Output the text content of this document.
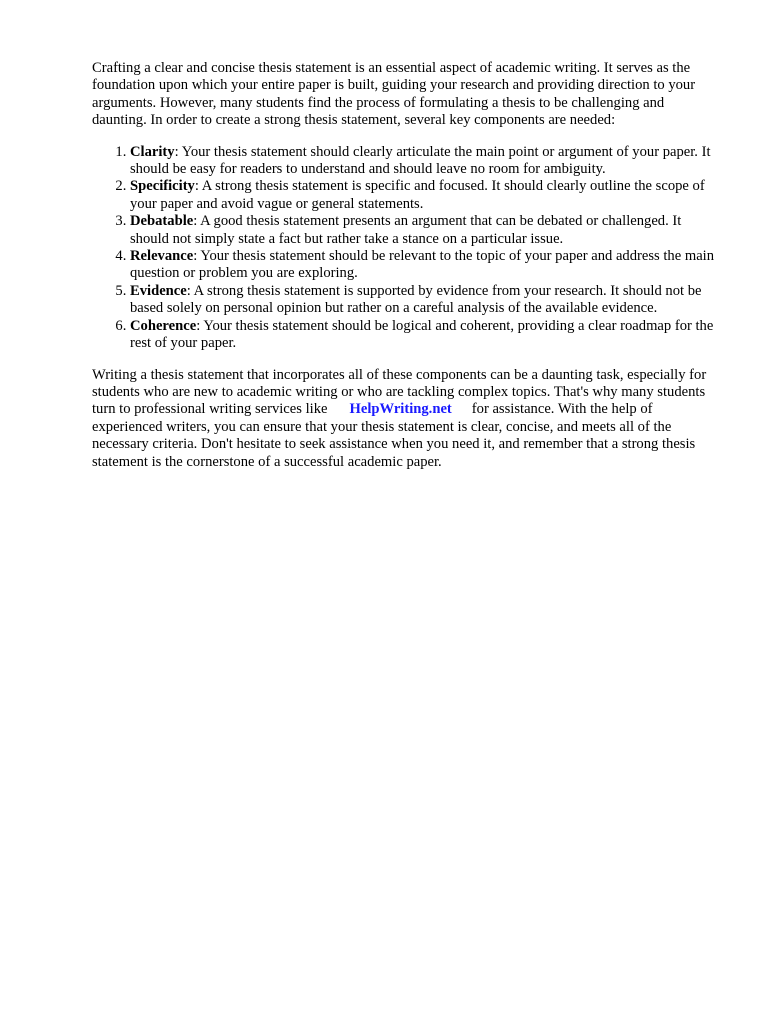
Crafting a clear and concise thesis statement is an essential aspect of academic writing. It serves as the foundation upon which your entire paper is built, guiding your research and providing direction to your arguments. However, many students find the process of formulating a thesis to be challenging and daunting. In order to create a strong thesis statement, several key components are needed:

1. Clarity: Your thesis statement should clearly articulate the main point or argument of your paper. It should be easy for readers to understand and should leave no room for ambiguity.
2. Specificity: A strong thesis statement is specific and focused. It should clearly outline the scope of your paper and avoid vague or general statements.
3. Debatable: A good thesis statement presents an argument that can be debated or challenged. It should not simply state a fact but rather take a stance on a particular issue.
4. Relevance: Your thesis statement should be relevant to the topic of your paper and address the main question or problem you are exploring.
5. Evidence: A strong thesis statement is supported by evidence from your research. It should not be based solely on personal opinion but rather on a careful analysis of the available evidence.
6. Coherence: Your thesis statement should be logical and coherent, providing a clear roadmap for the rest of your paper.

Writing a thesis statement that incorporates all of these components can be a daunting task, especially for students who are new to academic writing or who are tackling complex topics. That's why many students turn to professional writing services like HelpWriting.net for assistance. With the help of experienced writers, you can ensure that your thesis statement is clear, concise, and meets all of the necessary criteria. Don't hesitate to seek assistance when you need it, and remember that a strong thesis statement is the cornerstone of a successful academic paper.
